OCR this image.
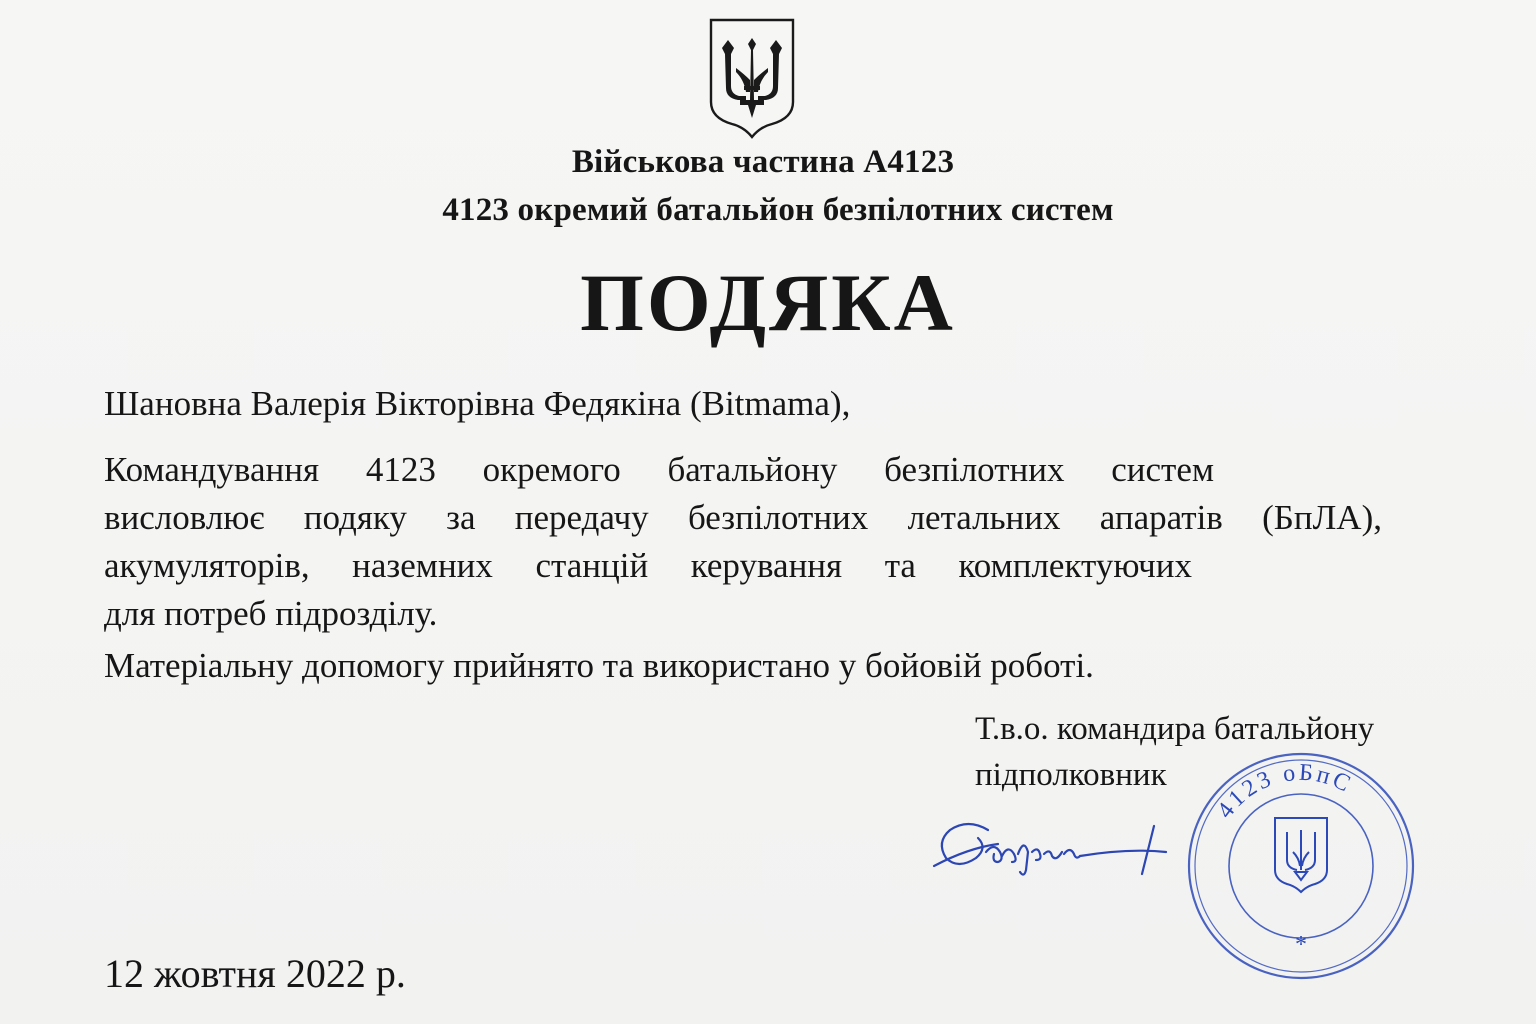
Військова частина А4123
4123 окремий батальйон безпілотних систем
ПОДЯКА
Шановна Валерія Вікторівна Федякіна (Bitmama),
Командування 4123 окремого батальйону безпілотних систем
висловлює подяку за передачу безпілотних летальних апаратів (БпЛА),
акумуляторів, наземних станцій керування та комплектуючих
для потреб підрозділу.
Матеріальну допомогу прийнято та використано у бойовій роботі.
Т.в.о. командира батальйону
підполковник
4123 оБпС
*
12 жовтня 2022 р.
